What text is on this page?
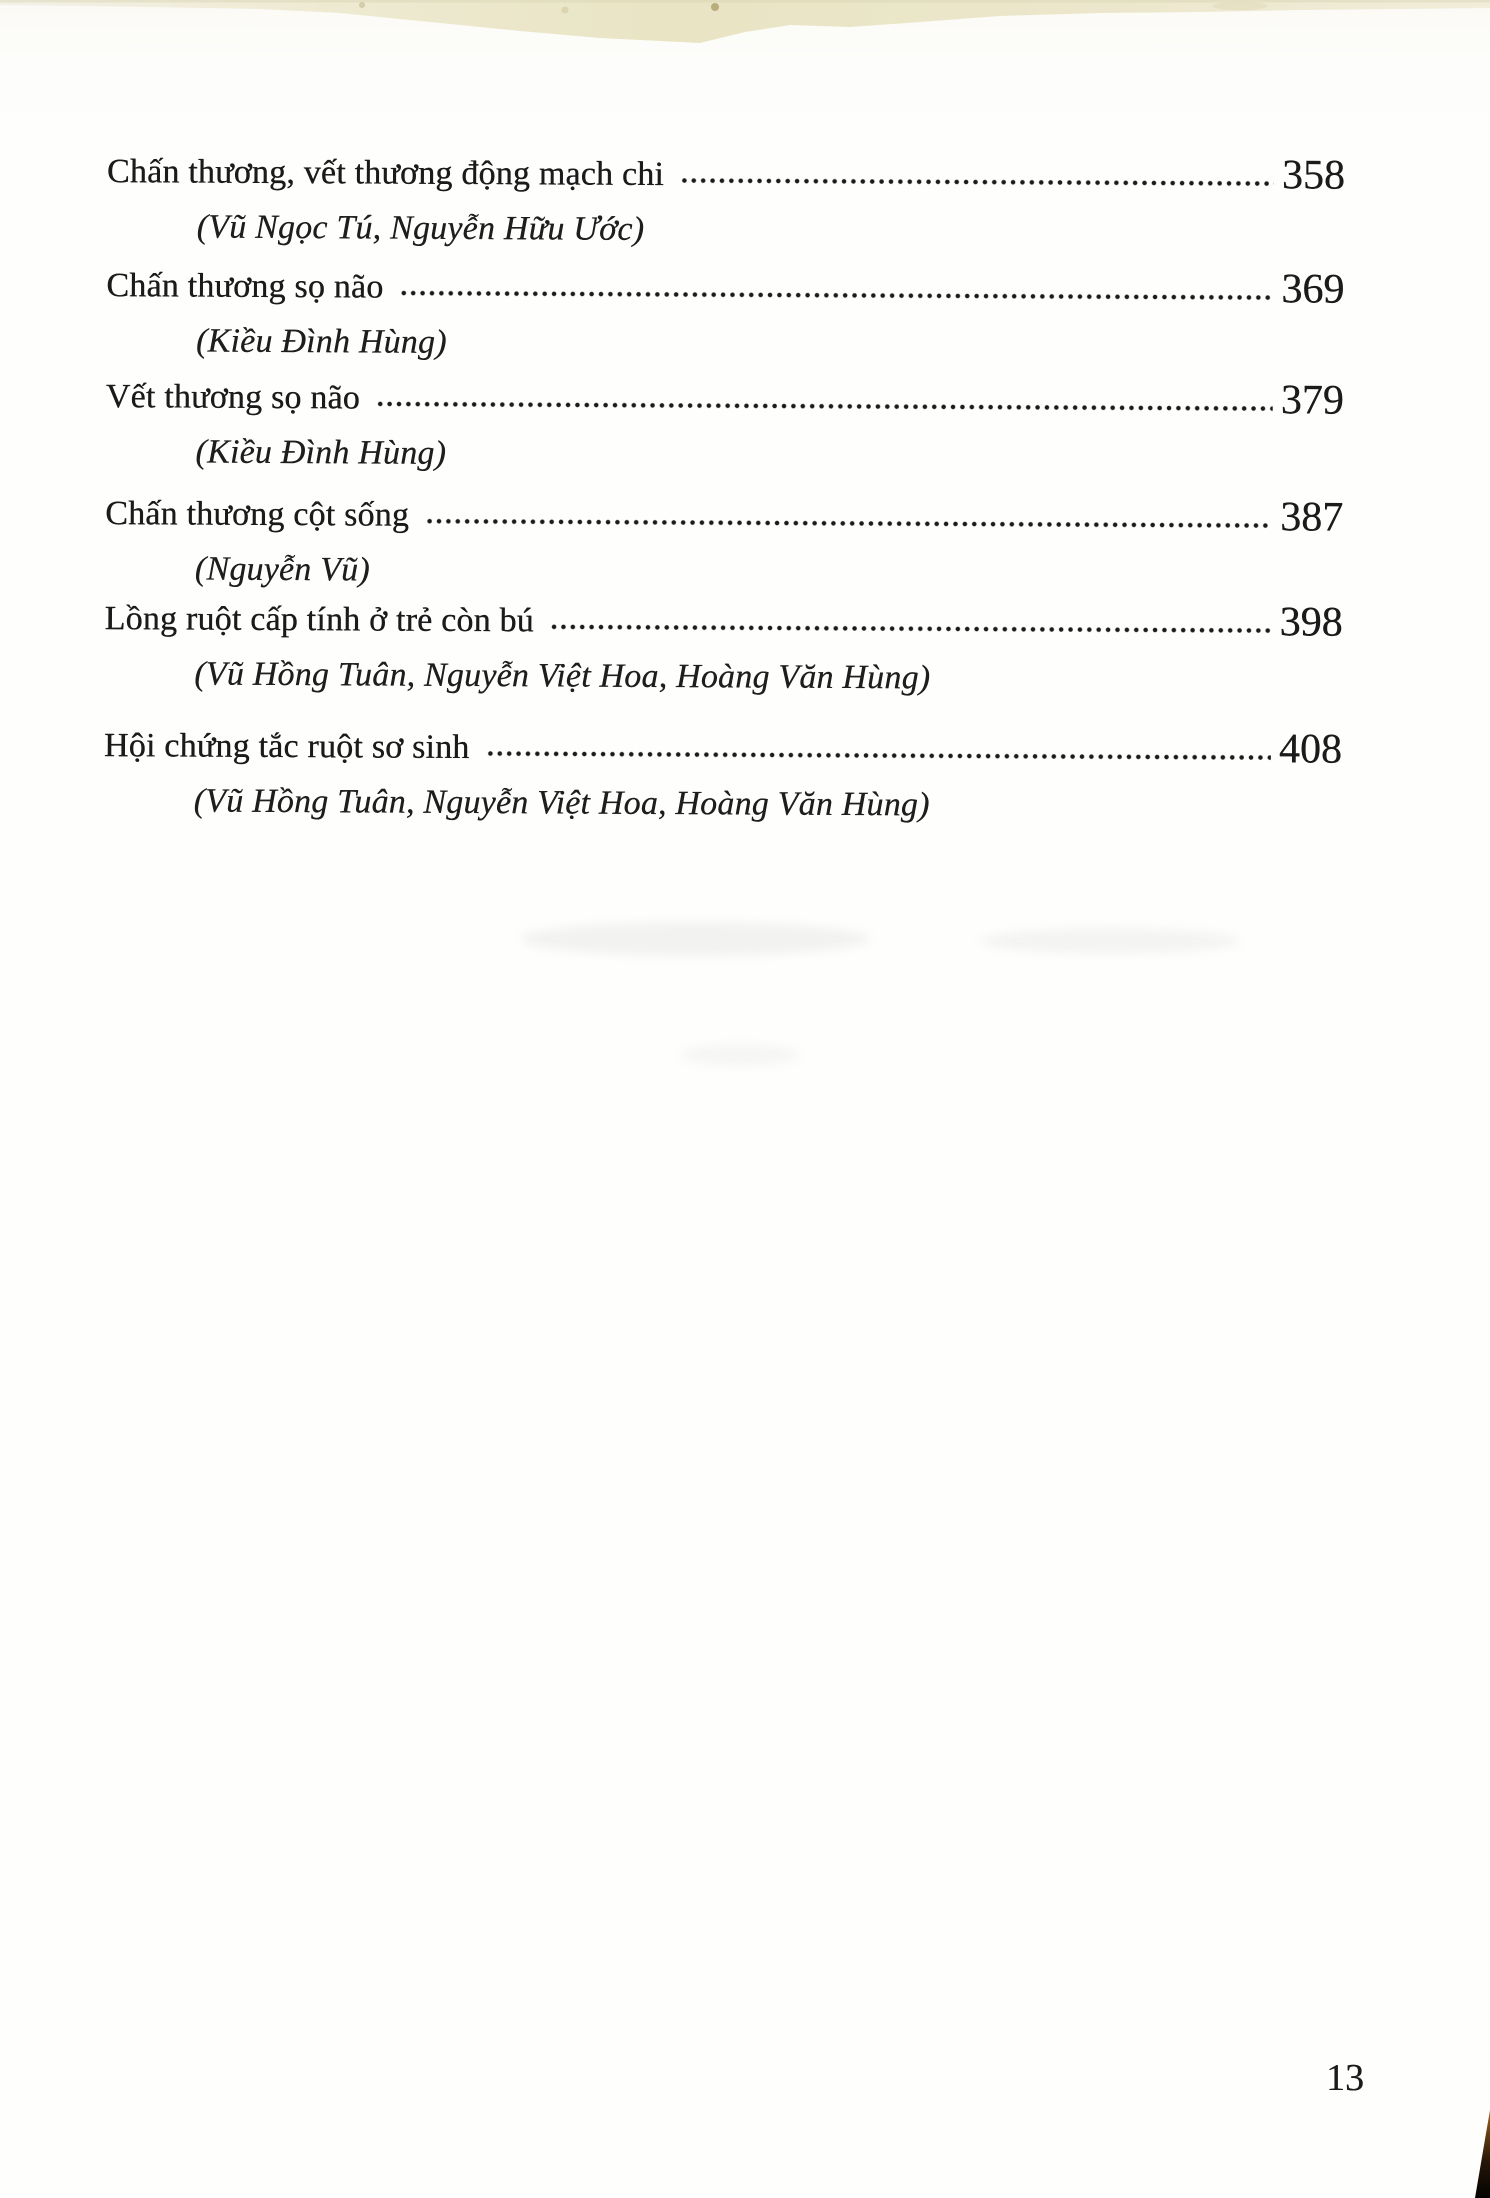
Chấn thương, vết thương động mạch chi	358
(Vũ Ngọc Tú, Nguyễn Hữu Ước)
Chấn thương sọ não	369
(Kiều Đình Hùng)
Vết thương sọ não	379
(Kiều Đình Hùng)
Chấn thương cột sống	387
(Nguyễn Vũ)
Lồng ruột cấp tính ở trẻ còn bú	398
(Vũ Hồng Tuân, Nguyễn Việt Hoa, Hoàng Văn Hùng)
Hội chứng tắc ruột sơ sinh	408
(Vũ Hồng Tuân, Nguyễn Việt Hoa, Hoàng Văn Hùng)
13
